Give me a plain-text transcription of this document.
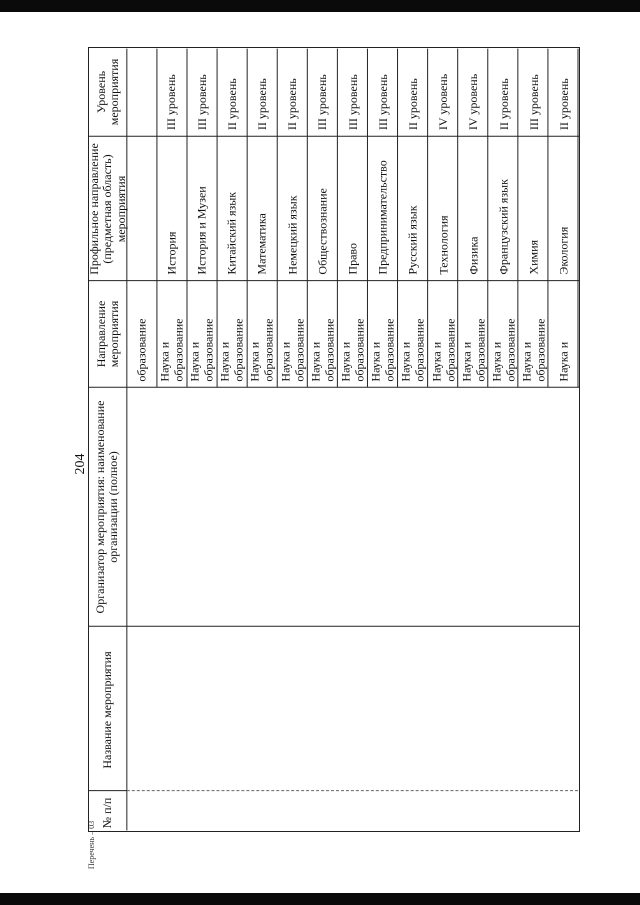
204
Перечень – 03
№ п/п
Название мероприятия
Организатор мероприятия: наименование организации (полное)
Направление мероприятия
Профильное направление (предметная область) мероприятия
Уровень мероприятия
образование Наука и образование
История
III уровень
Наука и образование
История и Музеи
III уровень
Наука и образование
Китайский язык
II уровень
Наука и образование
Математика
II уровень
Наука и образование
Немецкий язык
II уровень
Наука и образование
Обществознание
III уровень
Наука и образование
Право
III уровень
Наука и образование
Предпринимательство
III уровень
Наука и образование
Русский язык
II уровень
Наука и образование
Технология
IV уровень
Наука и образование
Физика
IV уровень
Наука и образование
Французский язык
II уровень
Наука и образование
Химия
III уровень
Наука и
Экология
II уровень
